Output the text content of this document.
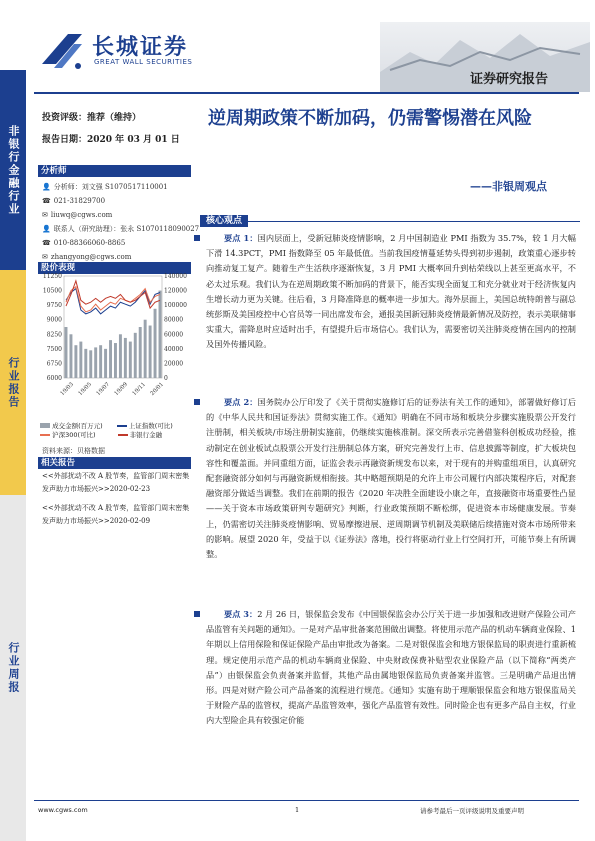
长城证券
GREAT WALL SECURITIES
证券研究报告
非银行金融行业
行业报告
行业周报
投资评级：推荐（维持）
报告日期：2020 年 03 月 01 日
分析师
👤 分析师：刘文强 S1070517110001
☎ 021-31829700
✉ liuwq@cgws.com
👤 联系人（研究助理）：张永 S1070118090027
☎ 010-88366060-8865
✉ zhangyong@cgws.com
股价表现
11250
10500
9750
9000
8250
7500
6750
6000
140000
120000
100000
80000
60000
40000
20000
0
19/03 19/05 19/07 19/09 19/11 20/01
成交金额(百万元)	上证指数(可比)
沪深300(可比)	非银行金融
资料来源：贝格数据
相关报告
<<外部扰动不改 A 股节奏，监管部门周末密集发声助力市场振兴>>2020-02-23
<<外部扰动不改 A 股节奏，监管部门周末密集发声助力市场振兴>>2020-02-09
逆周期政策不断加码，仍需警惕潜在风险
——非银周观点
核心观点
要点 1：国内层面上，受新冠肺炎疫情影响，2 月中国制造业 PMI 指数为 35.7%，较 1 月大幅下滑 14.3PCT，PMI 指数降至 05 年最低值。当前我国疫情蔓延势头得到初步遏制，政策重心逐步转向推动复工复产。随着生产生活秩序逐渐恢复，3 月 PMI 大概率回升到枯荣线以上甚至更高水平，不必太过乐观。我们认为在逆周期政策不断加码的背景下，能否实现全面复工和充分就业对于经济恢复内生增长动力更为关键。往后看，3 月降准降息的概率进一步加大。海外层面上，美国总统特朗普与副总统彭斯及美国疫控中心官员等一同出席发布会，通报美国新冠肺炎疫情最新情况及防控，表示美联储事实重大，需降息时应适时出手，有望提升后市场信心。我们认为，需要密切关注肺炎疫情在国内的控制及国外传播风险。
要点 2：国务院办公厅印发了《关于贯彻实施修订后的证券法有关工作的通知》，部署做好修订后的《中华人民共和国证券法》贯彻实施工作。《通知》明确在不同市场和板块分步骤实施股票公开发行注册制，相关板块/市场注册制实施前，仍继续实施核准制。深交所表示完善借鉴科创板成功经验，推动制定在创业板试点股票公开发行注册制总体方案，研究完善发行上市、信息披露等制度，扩大板块包容性和覆盖面。并同重组方面，证监会表示再融资新规发布以来，对于现有的并购重组项目，认真研究配套融资部分如何与再融资新规相衔接。其中略超预期是的允许上市公司履行内部决策程序后，对配套融资部分做适当调整。我们在前期的报告《2020 年决胜全面建设小康之年，直接融资市场重要性凸显——关于资本市场政策研判专题研究》判断，行业政策预期不断松绑，促进资本市场健康发展。节奏上，仍需密切关注肺炎疫情影响、贸易摩擦进展、逆周期调节机制及美联储后续措施对资本市场所带来的影响。展望 2020 年，受益于以《证券法》落地，投行将驱动行业上行空间打开，可能节奏上有所调整。
要点 3：2 月 26 日，银保监会发布《中国银保监会办公厅关于进一步加强和改进财产保险公司产品监管有关问题的通知》。一是对产品审批备案范围做出调整。将使用示范产品的机动车辆商业保险、1 年期以上信用保险和保证保险产品由审批改为备案。二是对银保监会和地方银保监局的职责进行重新梳理。规定使用示范产品的机动车辆商业保险、中央财政保费补贴型农业保险产品（以下简称“两类产品”）由银保监会负责备案并监督，其他产品由属地银保监局负责备案并监管。三是明确产品退出情形。四是对财产险公司产品备案的流程进行规范。《通知》实施有助于理顺银保监会和地方银保监局关于财险产品的监管权，提高产品监管效率，强化产品监管有效性。同时险企也有更多产品自主权，行业内大型险企具有较强定价能
www.cgws.com	1	请参考最后一页评级说明及重要声明
